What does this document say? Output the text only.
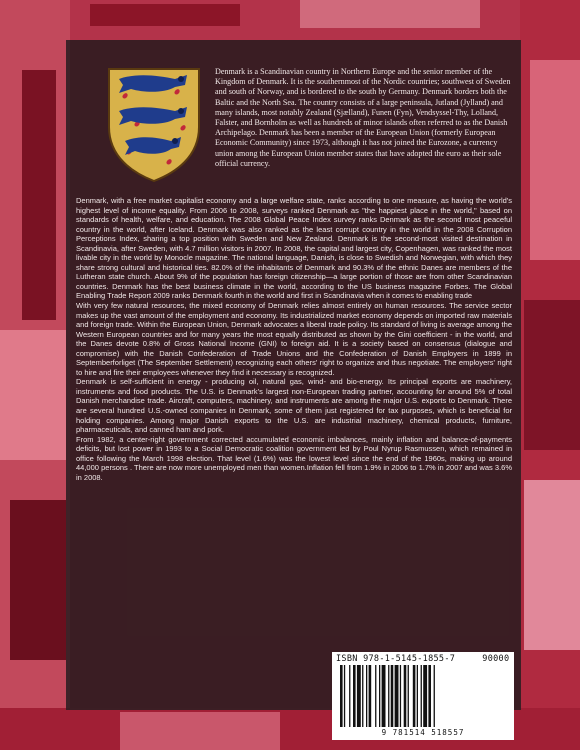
Denmark is a Scandinavian country in Northern Europe and the senior member of the Kingdom of Denmark. It is the southernmost of the Nordic countries; southwest of Sweden and south of Norway, and is bordered to the south by Germany. Denmark borders both the Baltic and the North Sea. The country consists of a large peninsula, Jutland (Jylland) and many islands, most notably Zealand (Sjælland), Funen (Fyn), Vendsyssel-Thy, Lolland, Falster, and Bornholm as well as hundreds of minor islands often referred to as the Danish Archipelago. Denmark has been a member of the European Union (formerly European Economic Community) since 1973, although it has not joined the Eurozone, a currency union among the European Union member states that have adopted the euro as their sole official currency.

Denmark, with a free market capitalist economy and a large welfare state, ranks according to one measure, as having the world's highest level of income equality. From 2006 to 2008, surveys ranked Denmark as "the happiest place in the world," based on standards of health, welfare, and education. The 2008 Global Peace Index survey ranks Denmark as the second most peaceful country in the world, after Iceland. Denmark was also ranked as the least corrupt country in the world in the 2008 Corruption Perceptions Index, sharing a top position with Sweden and New Zealand. Denmark is the second-most visited destination in Scandinavia, after Sweden, with 4.7 million visitors in 2007. In 2008, the capital and largest city, Copenhagen, was ranked the most livable city in the world by Monocle magazine. The national language, Danish, is close to Swedish and Norwegian, with which they share strong cultural and historical ties. 82.0% of the inhabitants of Denmark and 90.3% of the ethnic Danes are members of the Lutheran state church. About 9% of the population has foreign citizenship—a large portion of those are from other Scandinavian countries. Denmark has the best business climate in the world, according to the US business magazine Forbes. The Global Enabling Trade Report 2009 ranks Denmark fourth in the world and first in Scandinavia when it comes to enabling trade

With very few natural resources, the mixed economy of Denmark relies almost entirely on human resources. The service sector makes up the vast amount of the employment and economy. Its industrialized market economy depends on imported raw materials and foreign trade. Within the European Union, Denmark advocates a liberal trade policy. Its standard of living is average among the Western European countries and for many years the most equally distributed as shown by the Gini coefficient - in the world, and the Danes devote 0.8% of Gross National Income (GNI) to foreign aid. It is a society based on consensus (dialogue and compromise) with the Danish Confederation of Trade Unions and the Confederation of Danish Employers in 1899 in Septemberforliget (The September Settlement) recognizing each others' right to organize and thus negotiate. The employers' right to hire and fire their employees whenever they find it necessary is recognized.

Denmark is self-sufficient in energy - producing oil, natural gas, wind- and bio-energy. Its principal exports are machinery, instruments and food products. The U.S. is Denmark's largest non-European trading partner, accounting for around 5% of total Danish merchandise trade. Aircraft, computers, machinery, and instruments are among the major U.S. exports to Denmark. There are several hundred U.S.-owned companies in Denmark, some of them just registered for tax purposes, which is beneficial for holding companies. Among major Danish exports to the U.S. are industrial machinery, chemical products, furniture, pharmaceuticals, and canned ham and pork.

From 1982, a center-right government corrected accumulated economic imbalances, mainly inflation and balance-of-payments deficits, but lost power in 1993 to a Social Democratic coalition government led by Poul Nyrup Rasmussen, which remained in office following the March 1998 election. That level (1.6%) was the lowest level since the end of the 1960s, making up around 44,000 persons . There are now more unemployed men than women.Inflation fell from 1.9% in 2006 to 1.7% in 2007 and was 3.6% in 2008.

ISBN 978-1-5145-1855-7	90000
9 781514 518557
